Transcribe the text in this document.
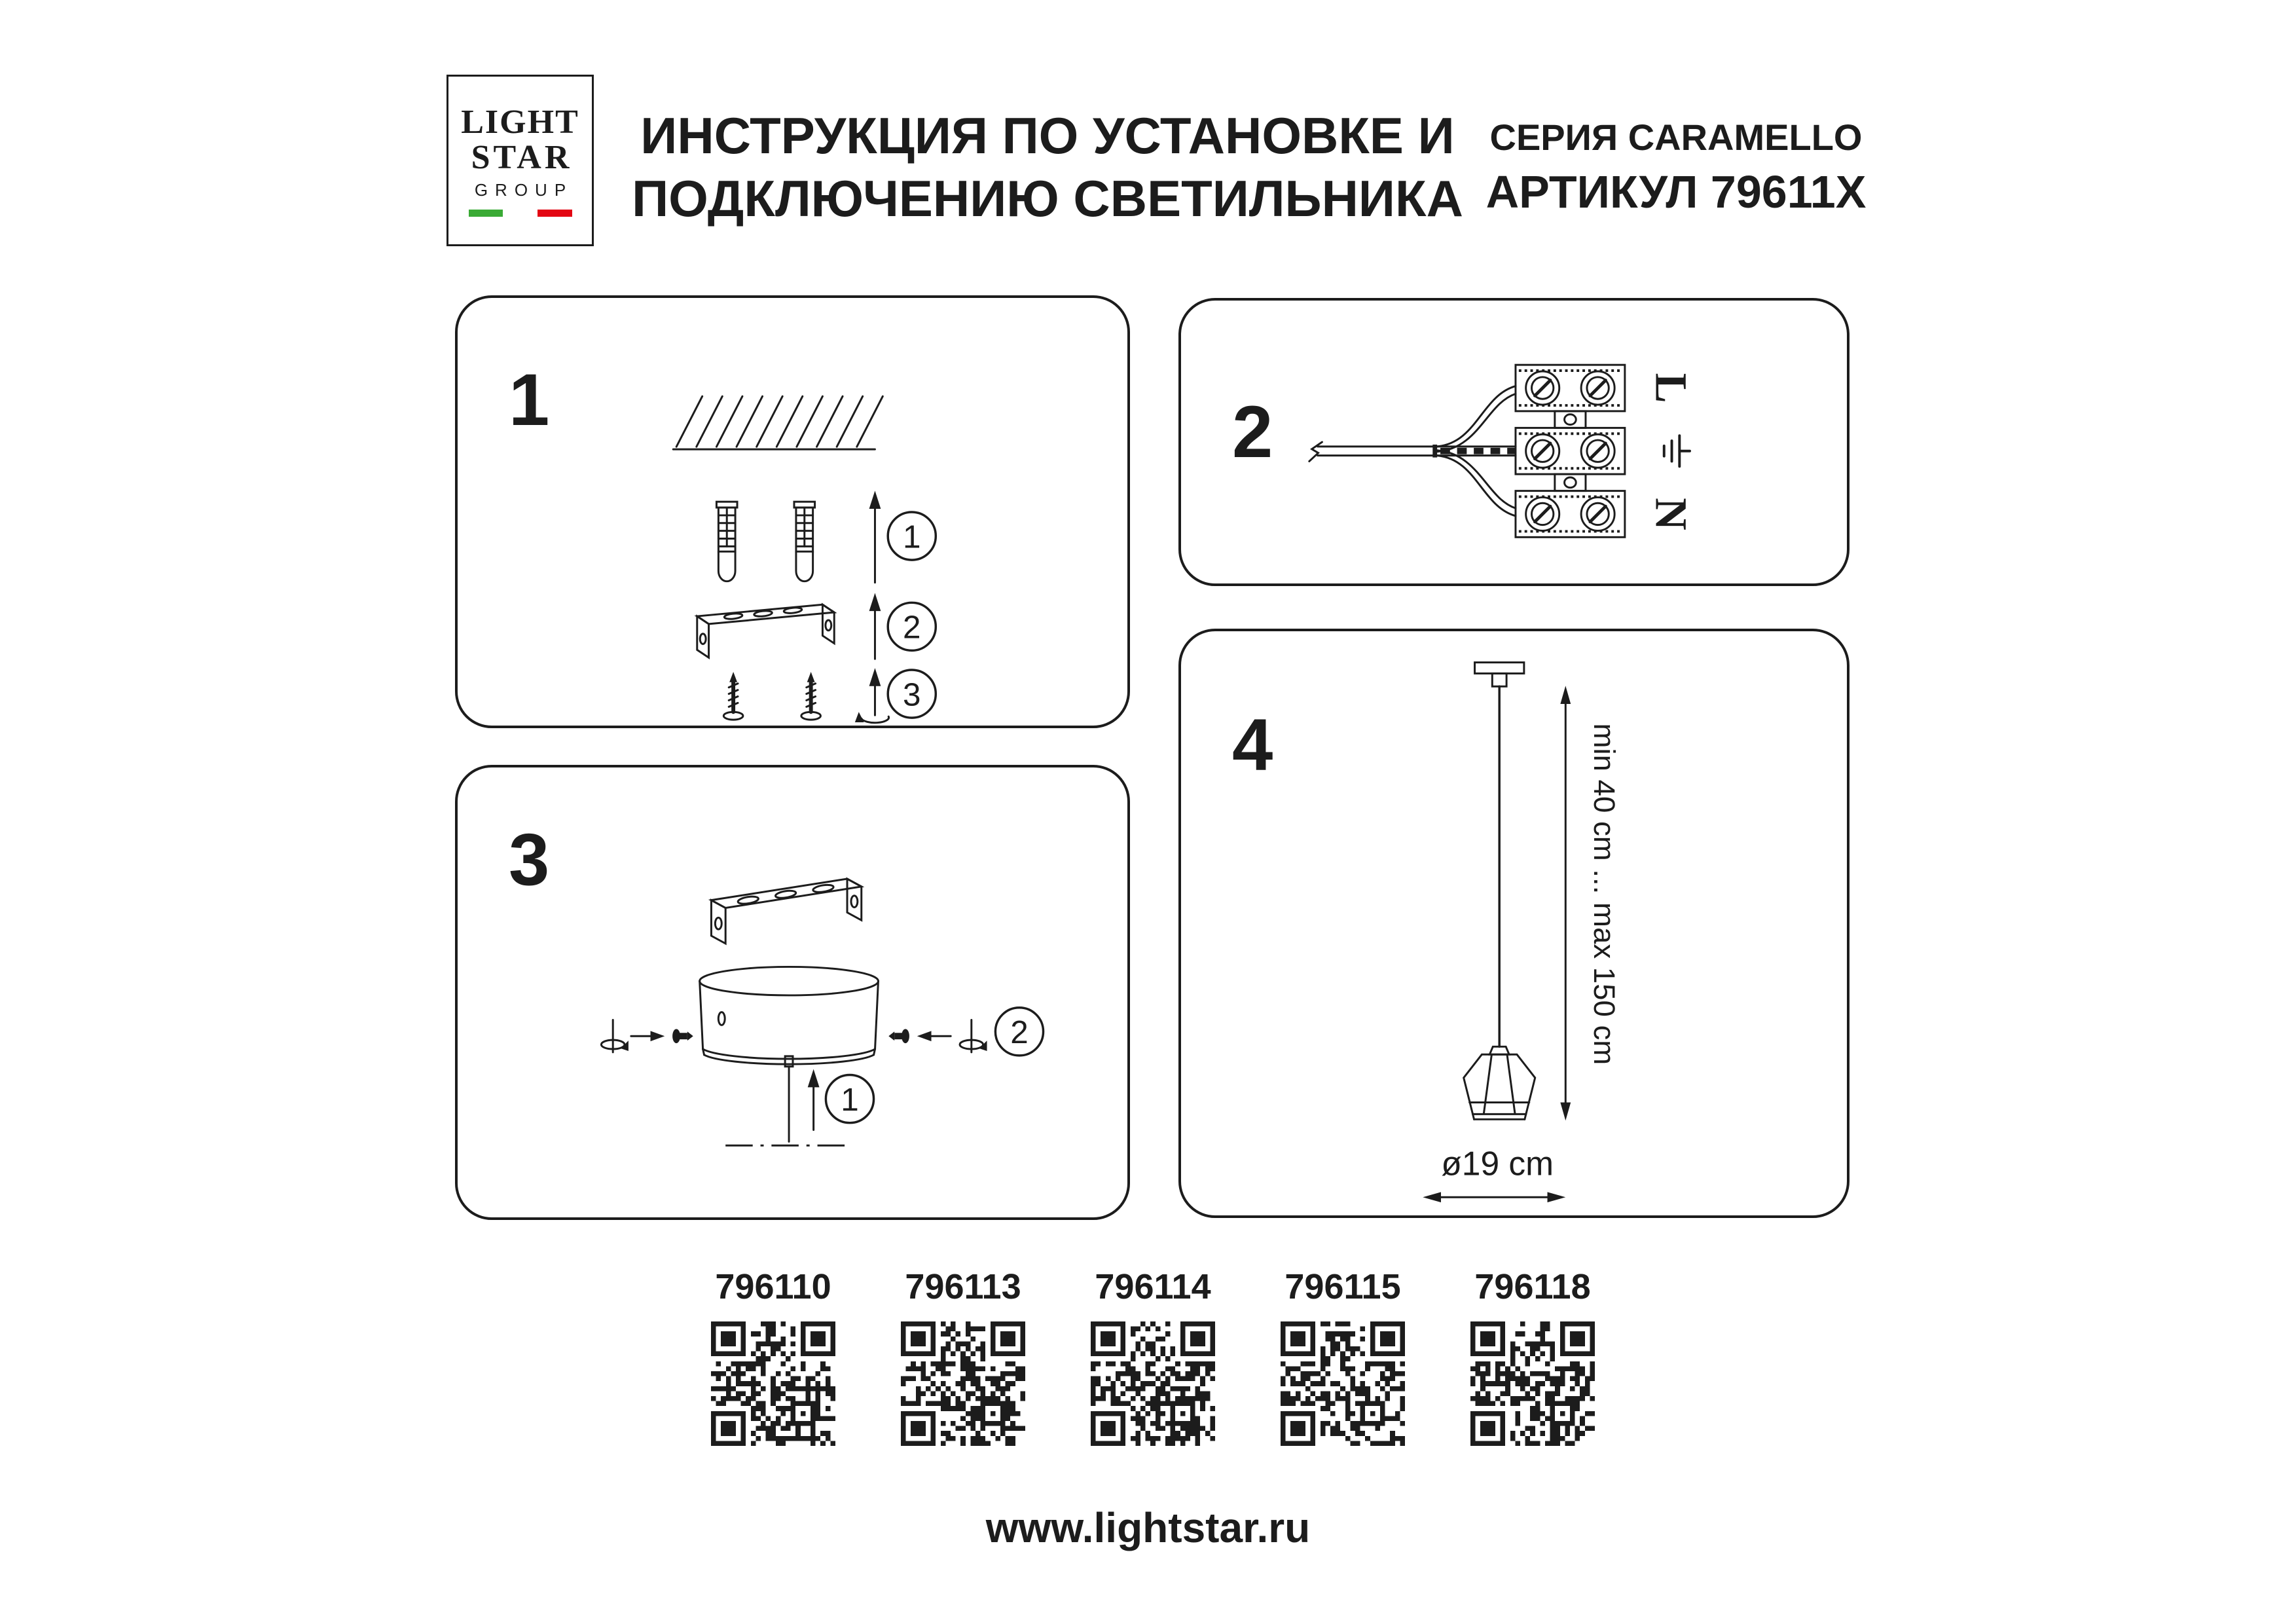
LIGHT
STAR
GROUP
ИНСТРУКЦИЯ ПО УСТАНОВКЕ И
ПОДКЛЮЧЕНИЮ СВЕТИЛЬНИКА
СЕРИЯ CARAMELLO
АРТИКУЛ 79611X
1
1
2
3
2
L
N
3
2
1
4	min 40 cm ... max 150 cm
ø19 cm
796110 796113 796114 796115 796118
www.lightstar.ru
